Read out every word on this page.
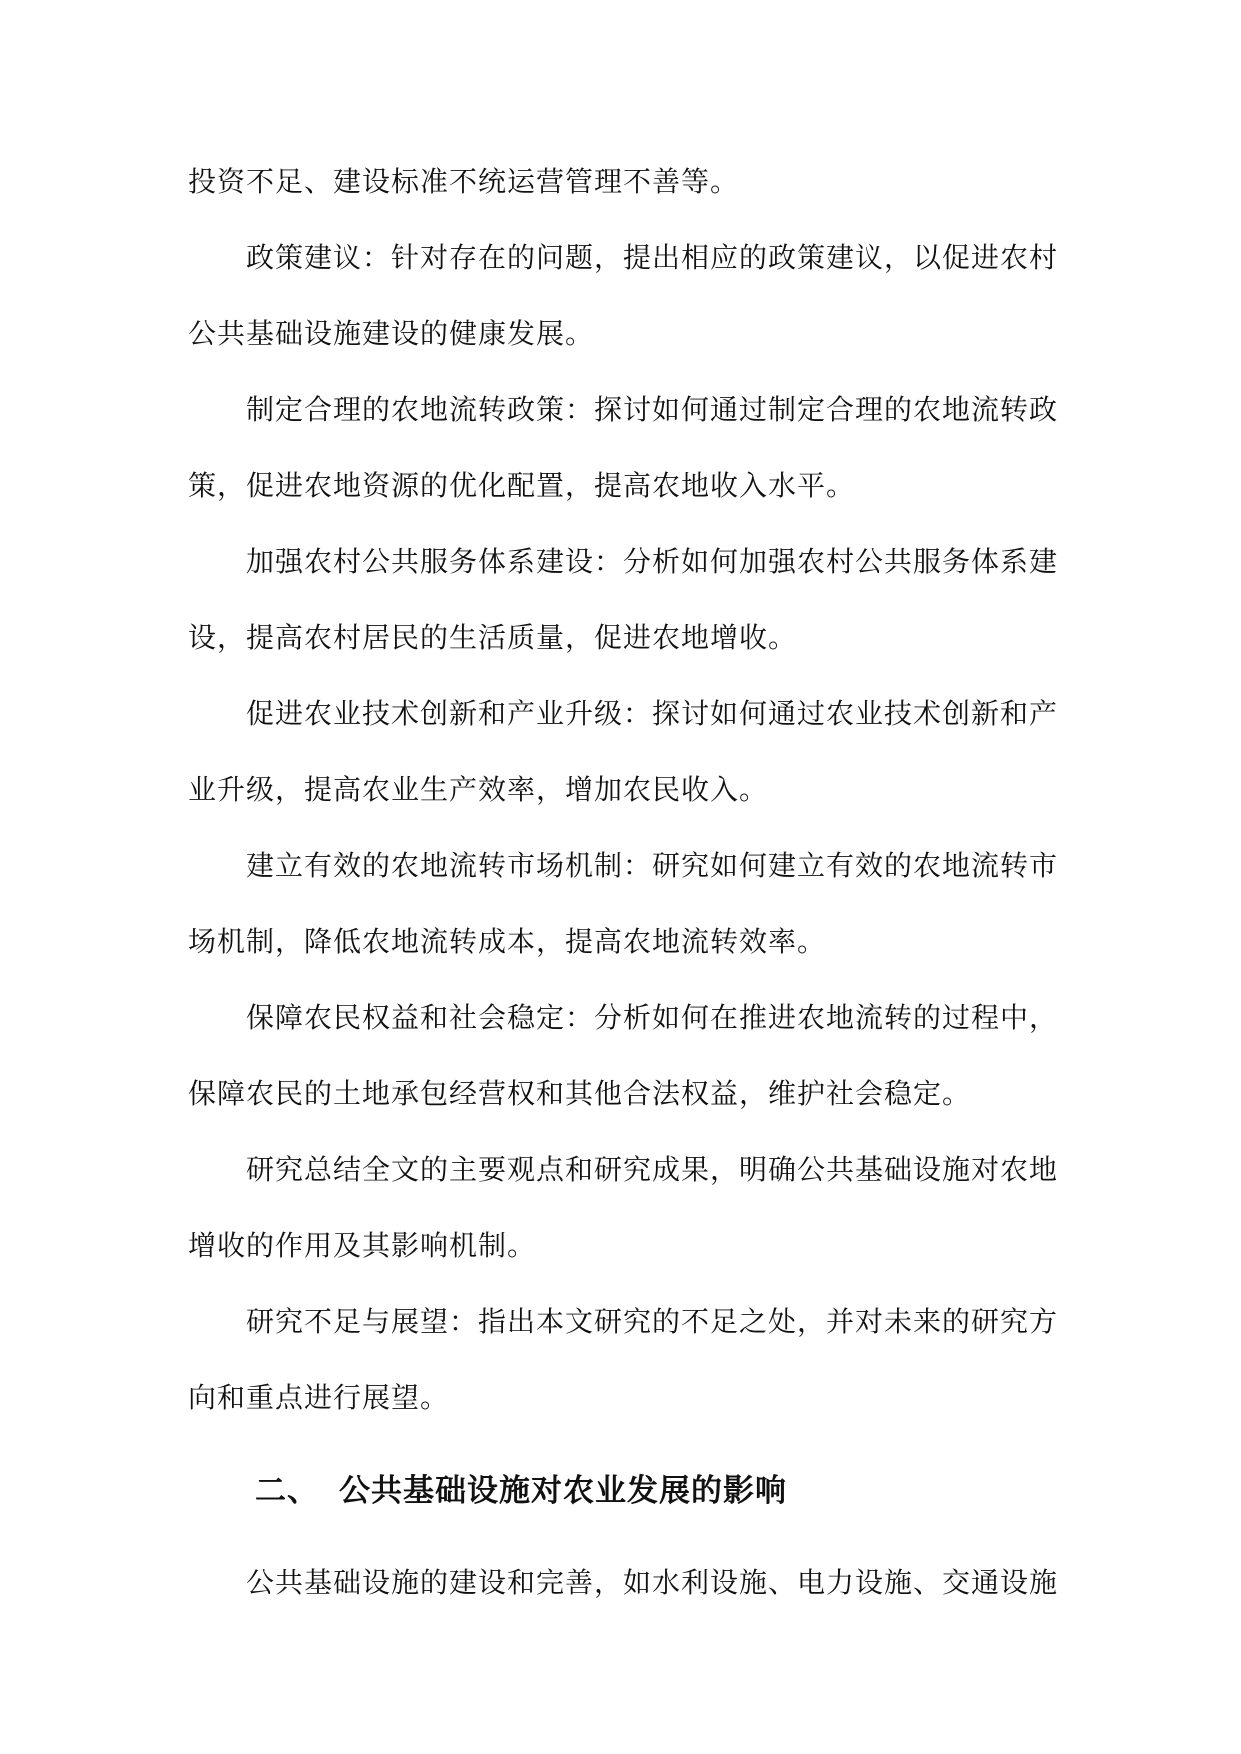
投资不足、建设标准不统运营管理不善等。

政策建议：针对存在的问题，提出相应的政策建议，以促进农村公共基础设施建设的健康发展。

制定合理的农地流转政策：探讨如何通过制定合理的农地流转政策，促进农地资源的优化配置，提高农地收入水平。

加强农村公共服务体系建设：分析如何加强农村公共服务体系建设，提高农村居民的生活质量，促进农地增收。

促进农业技术创新和产业升级：探讨如何通过农业技术创新和产业升级，提高农业生产效率，增加农民收入。

建立有效的农地流转市场机制：研究如何建立有效的农地流转市场机制，降低农地流转成本，提高农地流转效率。

保障农民权益和社会稳定：分析如何在推进农地流转的过程中，保障农民的土地承包经营权和其他合法权益，维护社会稳定。

研究总结全文的主要观点和研究成果，明确公共基础设施对农地增收的作用及其影响机制。

研究不足与展望：指出本文研究的不足之处，并对未来的研究方向和重点进行展望。

二、 公共基础设施对农业发展的影响

公共基础设施的建设和完善，如水利设施、电力设施、交通设施
